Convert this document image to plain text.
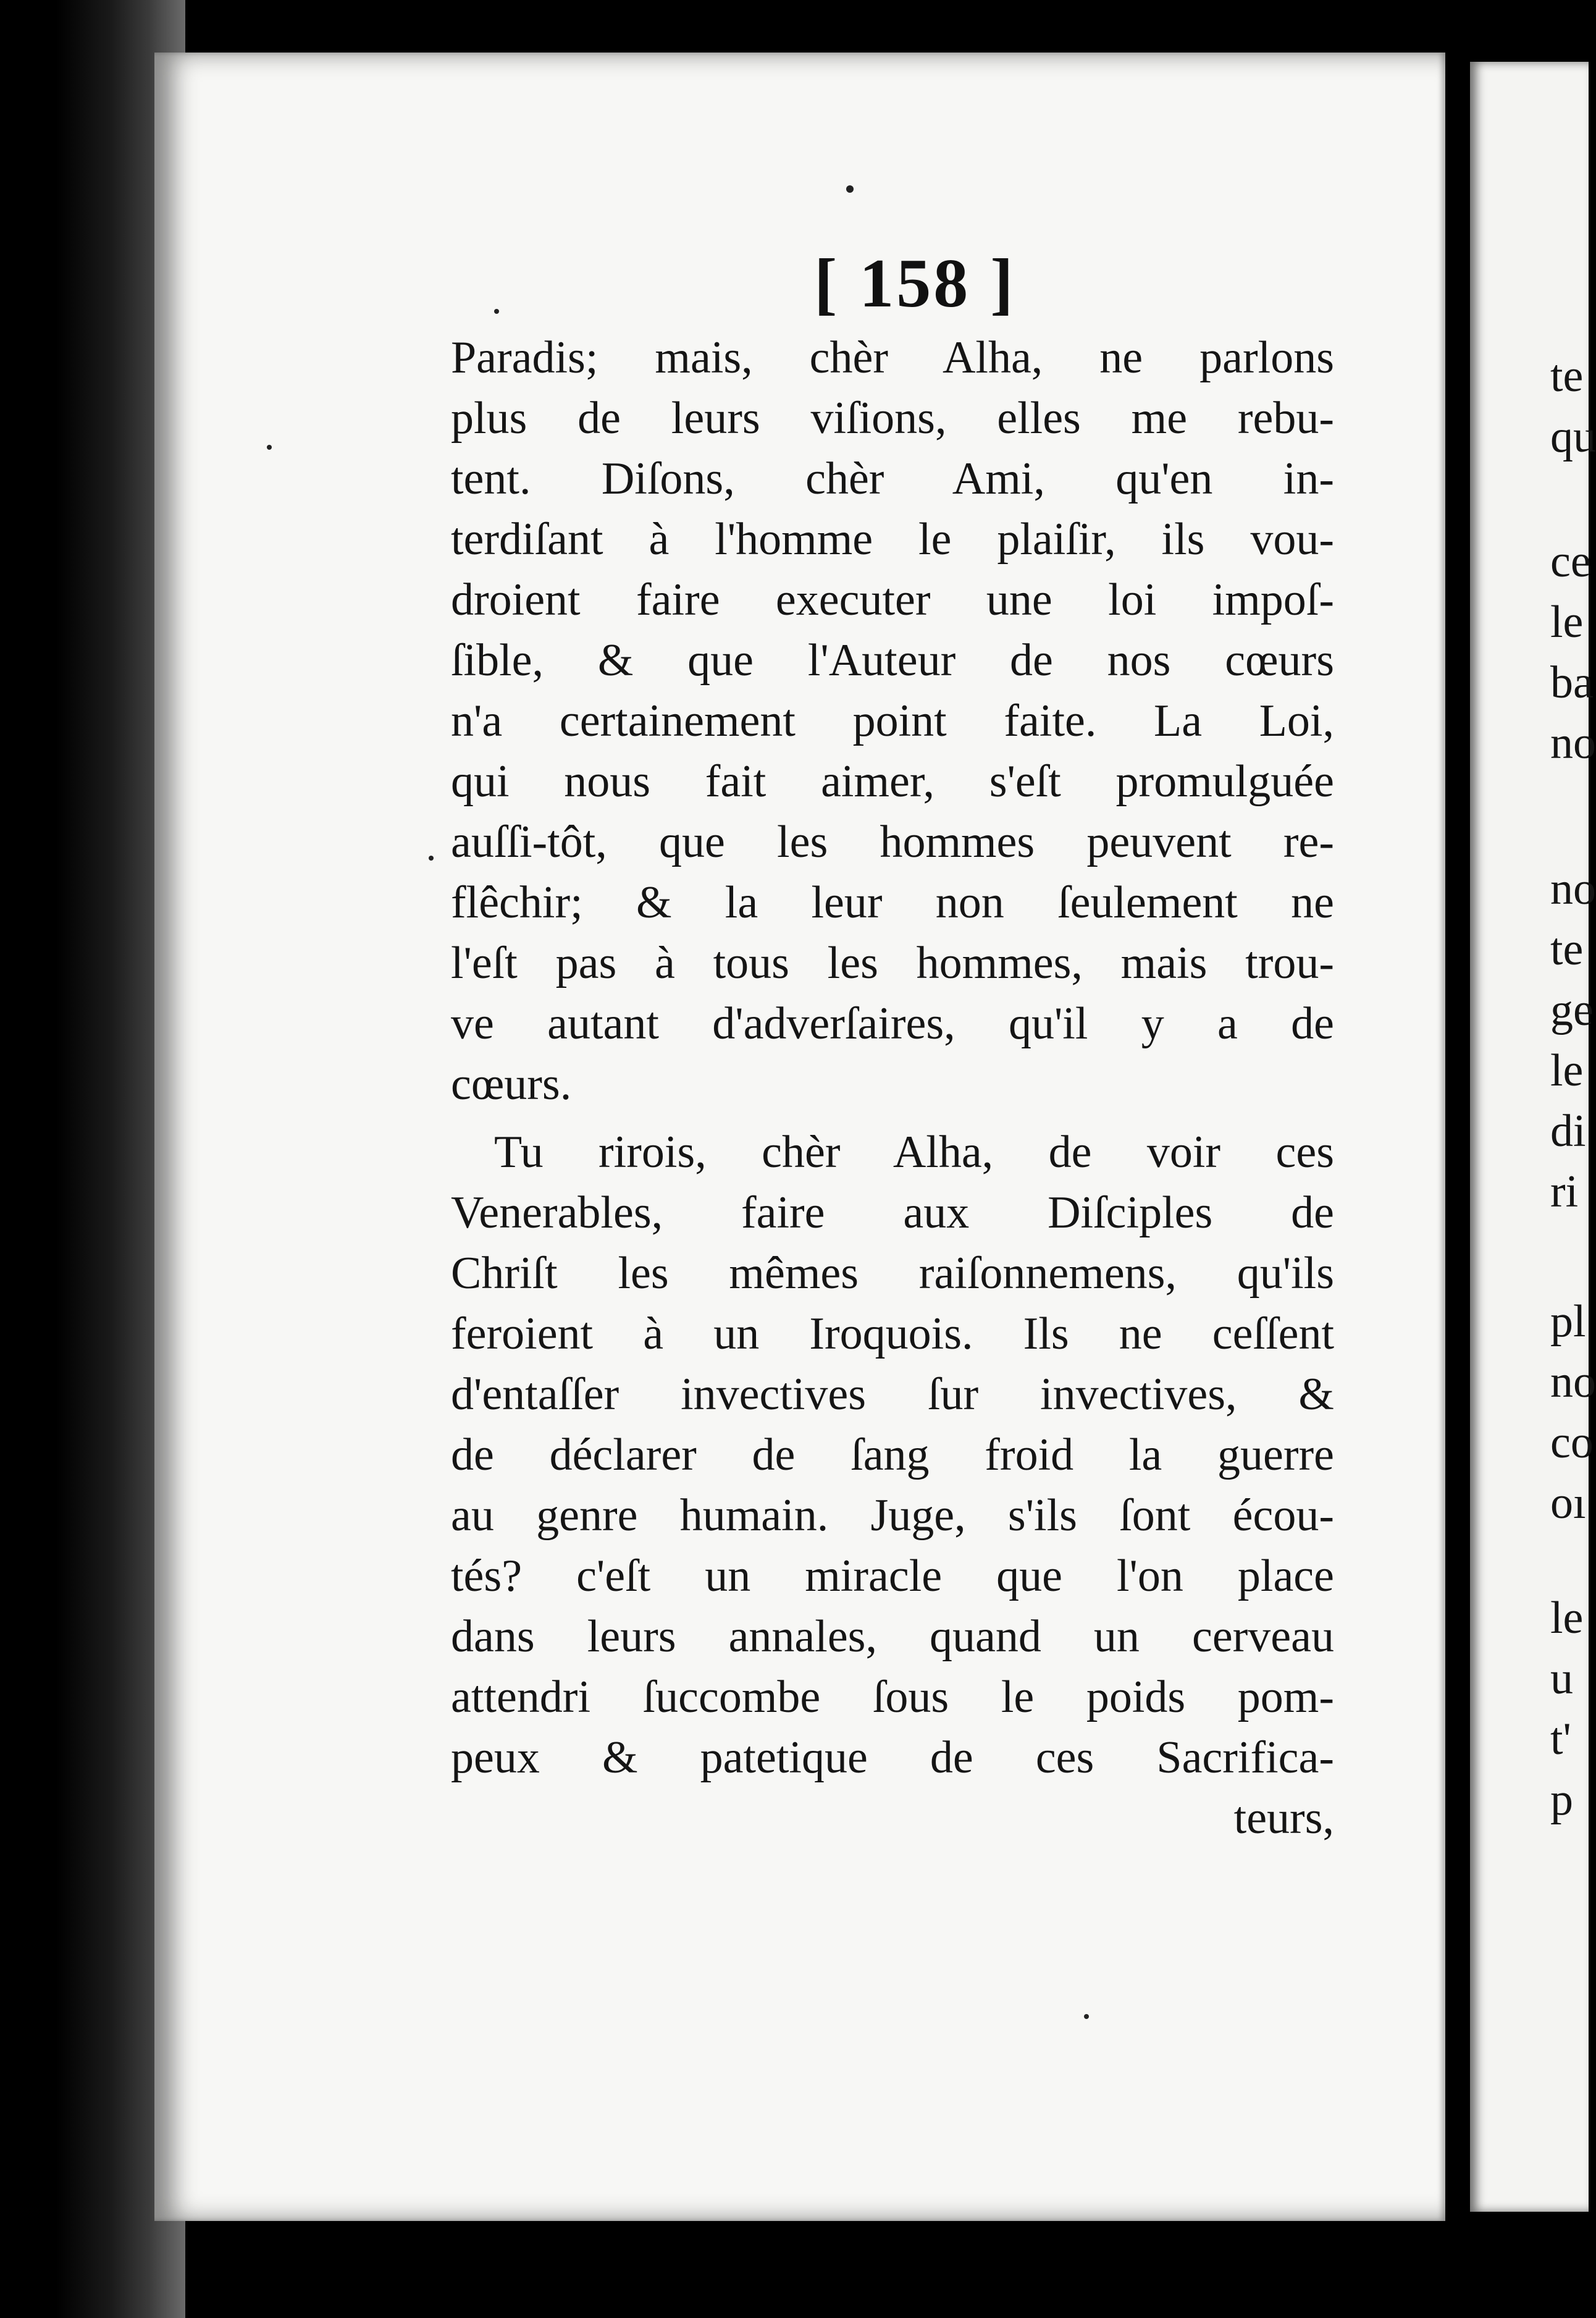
[ 158 ]
Paradis; mais, chèr Alha, ne parlons
plus de leurs viſions, elles me rebu-
tent. Diſons, chèr Ami, qu'en in-
terdiſant à l'homme le plaiſir, ils vou-
droient faire executer une loi impoſ-
ſible, & que l'Auteur de nos cœurs
n'a certainement point faite. La Loi,
qui nous fait aimer, s'eſt promulguée
auſſi-tôt, que les hommes peuvent re-
flêchir; & la leur non ſeulement ne
l'eſt pas à tous les hommes, mais trou-
ve autant d'adverſaires, qu'il y a de
cœurs.
Tu rirois, chèr Alha, de voir ces
Venerables, faire aux Diſciples de
Chriſt les mêmes raiſonnemens, qu'ils
feroient à un Iroquois. Ils ne ceſſent
d'entaſſer invectives ſur invectives, &
de déclarer de ſang froid la guerre
au genre humain. Juge, s'ils ſont écou-
tés? c'eſt un miracle que l'on place
dans leurs annales, quand un cerveau
attendri ſuccombe ſous le poids pom-
peux & patetique de ces Sacrifica-
teurs,
te
qu
ce
le
ba
no
no
te
ge
le
di
ri
pl
no
co
oı
le
u
t'
p
